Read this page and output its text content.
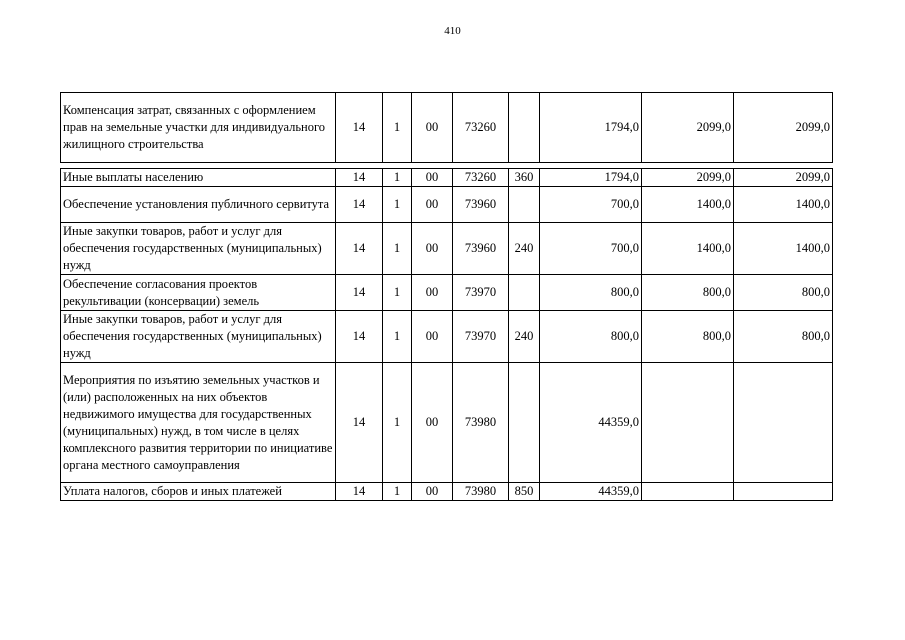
410
Компенсация затрат, связанных с оформлением прав на земельные участки для индивидуального жилищного строительства	14	1	00	73260		1794,0	2099,0	2099,0

Иные выплаты населению	14	1	00	73260	360	1794,0	2099,0	2099,0
Обеспечение установления публичного сервитута	14	1	00	73960		700,0	1400,0	1400,0
Иные закупки товаров, работ и услуг для обеспечения государственных (муниципальных) нужд	14	1	00	73960	240	700,0	1400,0	1400,0
Обеспечение согласования проектов рекультивации (консервации) земель	14	1	00	73970		800,0	800,0	800,0
Иные закупки товаров, работ и услуг для обеспечения государственных (муниципальных) нужд	14	1	00	73970	240	800,0	800,0	800,0
Мероприятия по изъятию земельных участков и (или) расположенных на них объектов недвижимого имущества для государственных (муниципальных) нужд, в том числе в целях комплексного развития территории по инициативе органа местного самоуправления	14	1	00	73980		44359,0		
Уплата налогов, сборов и иных платежей	14	1	00	73980	850	44359,0		
